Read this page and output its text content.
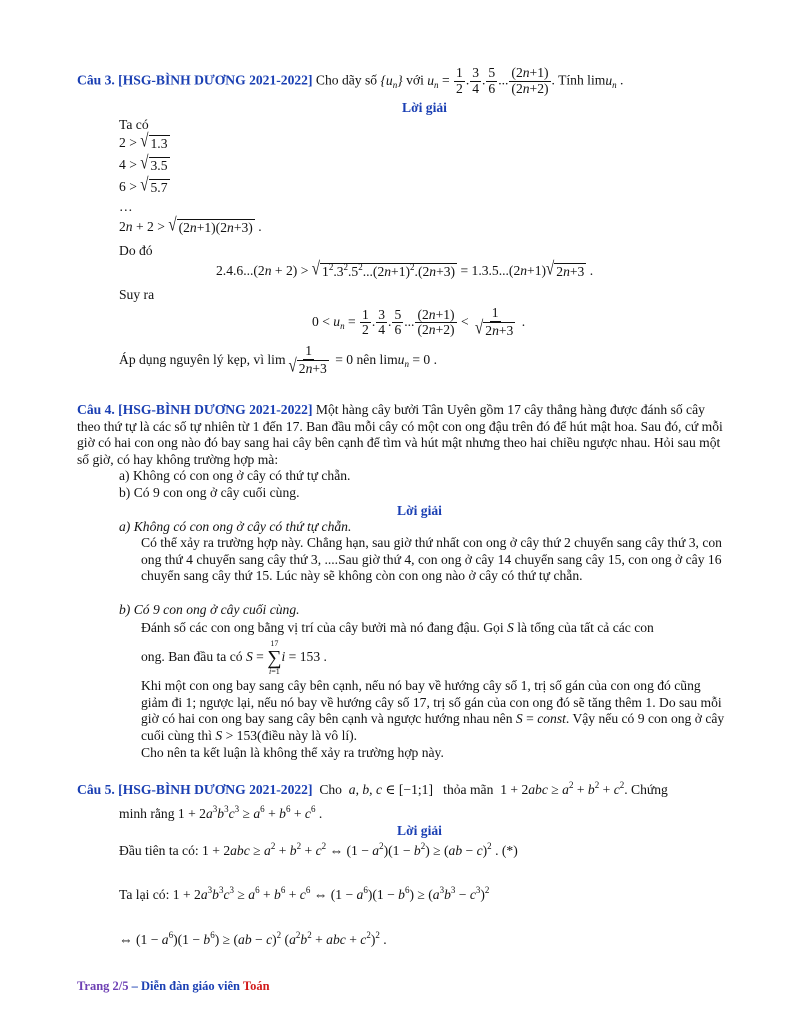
Câu 3. [HSG-BÌNH DƯƠNG 2021-2022] Cho dãy số $\{u_n\}$ với $u_n = \frac{1}{2}$ . $\frac{3}{4}$ . $\frac{5}{6}$ ... $\frac{(2n+1)}{(2n+2)}$ . Tính limu$_n$ .
Lời giải
Ta có
2 > √ 1.3
4 > √ 3.5
6 > √ 5.7
…
2n + 2 > √ (2n+1)(2n+3) .
Do đó
2.4.6...(2n + 2) > √ $1^2.3^2.5^2...(2n+1)^2.(2n+3) = 1.3.5...(2n+1)$ √ 2n+3 .
Suy ra
$0 < u_n = \frac{1}{2}$ . $\frac{3}{4}$ . $\frac{5}{6}$ ... $\frac{(2n+1)}{(2n+2)} < \frac{1}{√ 2n+3}$ .
Áp dụng nguyên lý kẹp, vì $\lim \frac{1}{√ 2n+3} = 0$ nên limu$_n$ = 0 .
Câu 4. [HSG-BÌNH DƯƠNG 2021-2022] Một hàng cây bưởi Tân Uyên gồm 17 cây thẳng hàng được đánh số cây theo thứ tự là các số tự nhiên từ 1 đến 17. Ban đầu mỗi cây có một con ong đậu trên đó để hút mật hoa. Sau đó, cứ mỗi giờ có hai con ong nào đó bay sang hai cây bên cạnh để tìm và hút mật nhưng theo hai chiều ngược nhau. Hỏi sau một số giờ, có hay không trường hợp mà:
a) Không có con ong ở cây có thứ tự chẵn.
b) Có 9 con ong ở cây cuối cùng.
Lời giải
a) Không có con ong ở cây có thứ tự chẵn.
Có thể xảy ra trường hợp này. Chẳng hạn, sau giờ thứ nhất con ong ở cây thứ 2 chuyển sang cây thứ 3, con ong thứ 4 chuyển sang cây thứ 3, ....Sau giờ thứ 4, con ong ở cây 14 chuyển sang cây 15, con ong ở cây 16 chuyển sang cây thứ 15. Lúc này sẽ không còn con ong nào ở cây có thứ tự chẵn.
b) Có 9 con ong ở cây cuối cùng.
Đánh số các con ong bằng vị trí của cây bưởi mà nó đang đậu. Gọi S là tổng của tất cả các con
ong. Ban đầu ta có S =
17
∑
i=1
i = 153 .
Khi một con ong bay sang cây bên cạnh, nếu nó bay về hướng cây số 1, trị số gán của con ong đó cũng giảm đi 1; ngược lại, nếu nó bay về hướng cây số 17, trị số gán của con ong đó sẽ tăng thêm 1. Do sau mỗi giờ có hai con ong bay sang cây bên cạnh và ngược hướng nhau nên S = const. Vậy nếu có 9 con ong ở cây cuối cùng thì S > 153(điều này là vô lí).
Cho nên ta kết luận là không thể xảy ra trường hợp này.
Câu 5. [HSG-BÌNH DƯƠNG 2021-2022] Cho a, b, c ∈ [−1;1]   thỏa mãn  $1 + 2abc \ge a^2 + b^2 + c^2$. Chứng
minh rằng $1 + 2a^3b^3c^3 \ge a^6 + b^6 + c^6$ .
Lời giải
Đầu tiên ta có: $1 + 2abc \ge a^2 + b^2 + c^2$ ⇔ $(1 - a^2)(1 - b^2) \ge (ab - c)^2$ . (*)
Ta lại có: $1 + 2a^3b^3c^3 \ge a^6 + b^6 + c^6$ ⇔ $(1 - a^6)(1 - b^6) \ge (a^3b^3 - c^3)^2$
⇔ $(1 - a^6)(1 - b^6) \ge (ab - c)^2$ ($a^2b^2$ + abc + $c^2)^2$ .
Trang 2/5 – Diễn đàn giáo viên Toán
